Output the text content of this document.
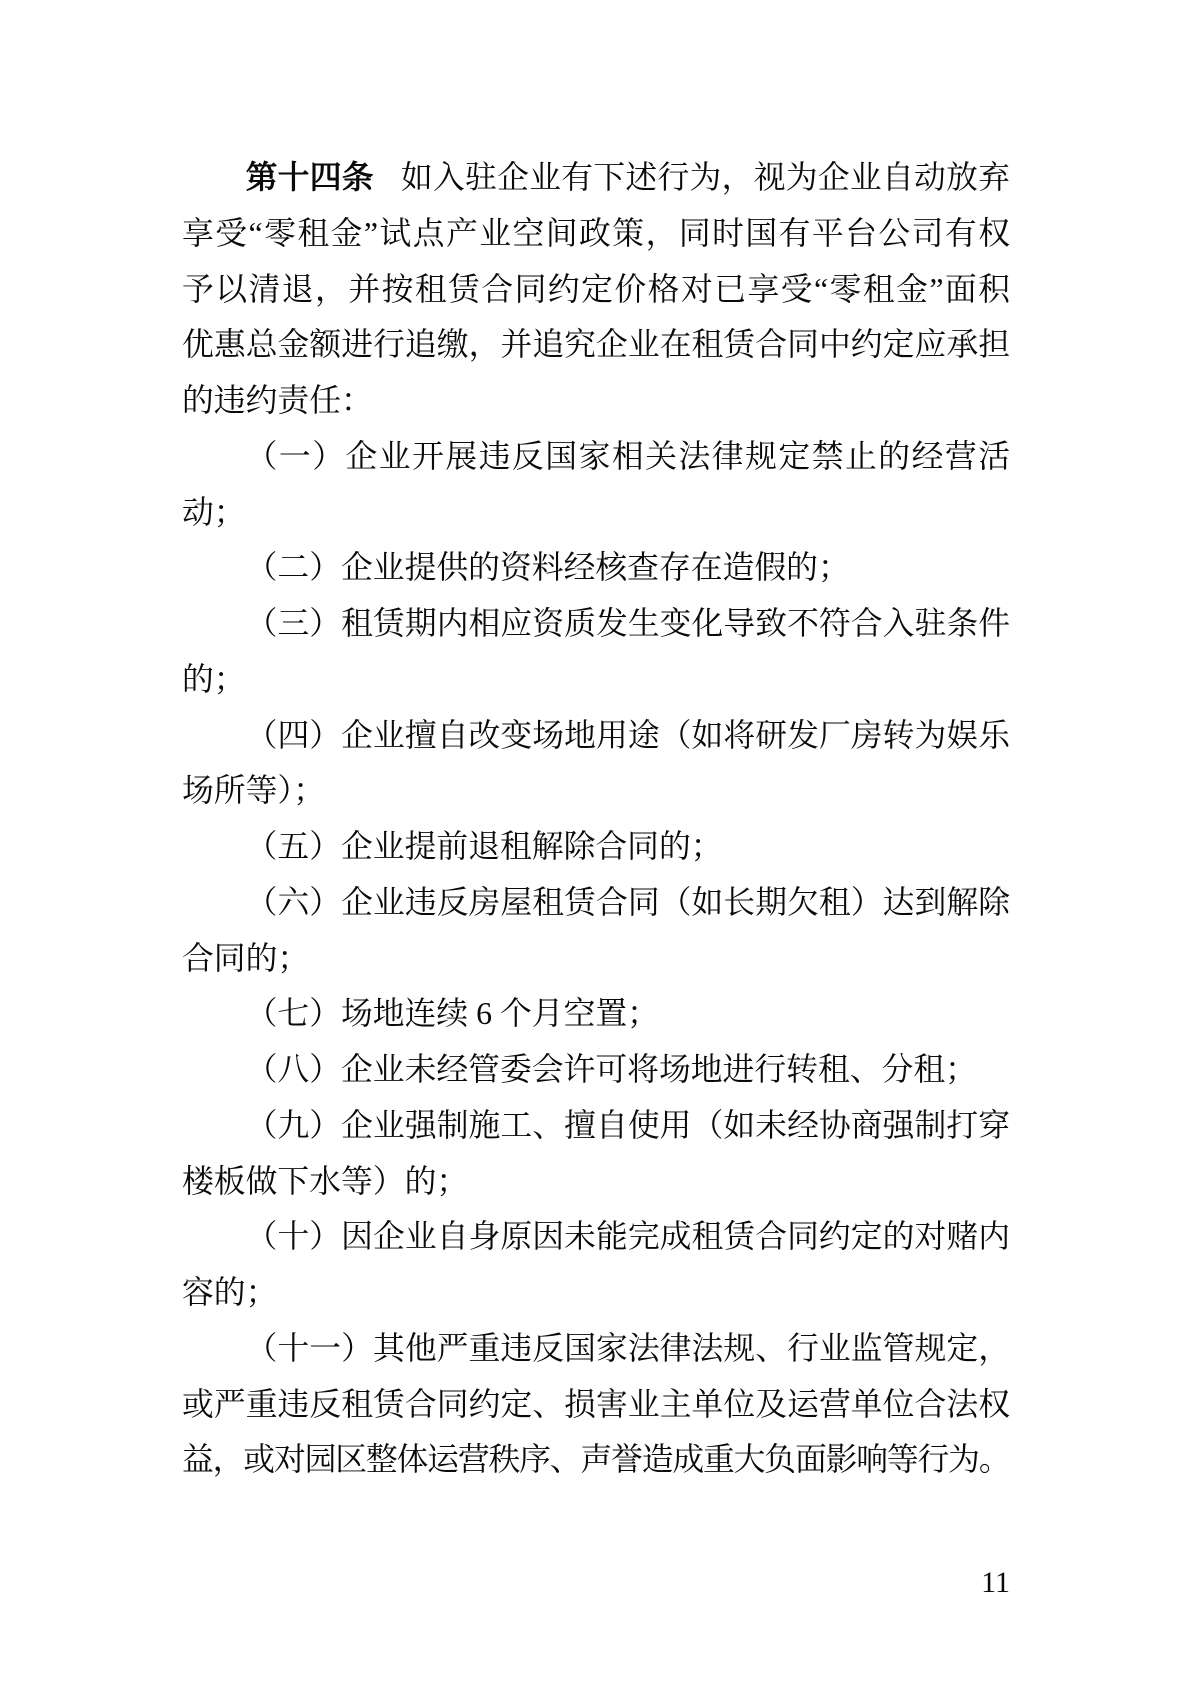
第十四条 如入驻企业有下述行为，视为企业自动放弃
享受“零租金”试点产业空间政策，同时国有平台公司有权
予以清退，并按租赁合同约定价格对已享受“零租金”面积
优惠总金额进行追缴，并追究企业在租赁合同中约定应承担
的违约责任：
（一）企业开展违反国家相关法律规定禁止的经营活
动；
（二）企业提供的资料经核查存在造假的；
（三）租赁期内相应资质发生变化导致不符合入驻条件
的；
（四）企业擅自改变场地用途（如将研发厂房转为娱乐
场所等）；
（五）企业提前退租解除合同的；
（六）企业违反房屋租赁合同（如长期欠租）达到解除
合同的；
（七）场地连续 6 个月空置；
（八）企业未经管委会许可将场地进行转租、分租；
（九）企业强制施工、擅自使用（如未经协商强制打穿
楼板做下水等）的；
（十）因企业自身原因未能完成租赁合同约定的对赌内
容的；
（十一）其他严重违反国家法律法规、行业监管规定，
或严重违反租赁合同约定、损害业主单位及运营单位合法权
益，或对园区整体运营秩序、声誉造成重大负面影响等行为。
11
